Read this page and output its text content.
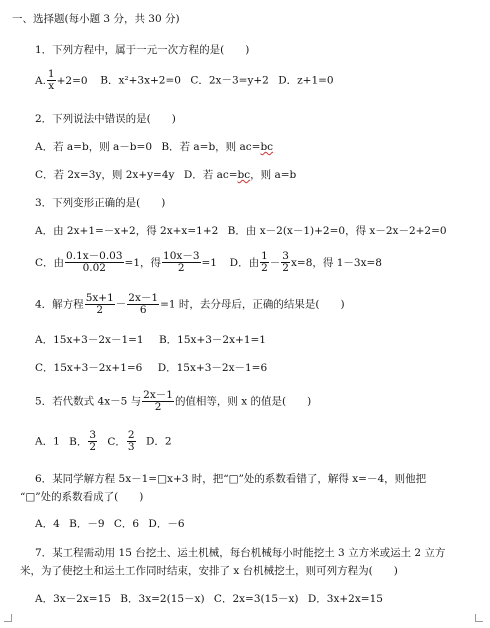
一、选择题(每小题 3 分，共 30 分)
1．下列方程中，属于一元一次方程的是(　　)
A. $\frac{1}{x} +2=0$ B．x²+3x+2=0 C．2x－3=y+2 D．z+1=0
2．下列说法中错误的是(　　)
A．若 a=b，则 a－b=0 B．若 a=b，则 ac=bc
C．若 2x=3y，则 2x+y=4y D．若 ac=bc，则 a=b
3．下列变形正确的是(　　)
A．由 2x+1=－x+2，得 2x+x=1+2 B．由 x－2(x－1)+2=0，得 x－2x－2+2=0
C．由 $\frac{0.1x-0.03}{0.02} =1$，得 $\frac{10x-3}{2} =1$ D．由 $\frac{1}{2} - \frac{3}{2} x=8$，得 1－3x=8
4．解方程 $\frac{5x+1}{2} - \frac{2x-1}{6} =1$ 时，去分母后，正确的结果是(　　)
A．15x+3－2x－1=1 B．15x+3－2x+1=1
C．15x+3－2x+1=6 D．15x+3－2x－1=6
5．若代数式 4x－5 与 $\frac{2x-1}{2}$ 的值相等，则 x 的值是(　　)
A．1 B． $\frac{3}{2}$ C． $\frac{2}{3}$ D．2
6．某同学解方程 5x－1=□x+3 时，把“□”处的系数看错了，解得 x=－4，则他把
“□”处的系数看成了(　　)
A．4 B．－9 C．6 D．－6
7．某工程需动用 15 台挖土、运土机械，每台机械每小时能挖土 3 立方米或运土 2 立方
米，为了使挖土和运土工作同时结束，安排了 x 台机械挖土，则可列方程为(　　)
A．3x－2x=15 B．3x=2(15－x) C．2x=3(15－x) D．3x+2x=15
